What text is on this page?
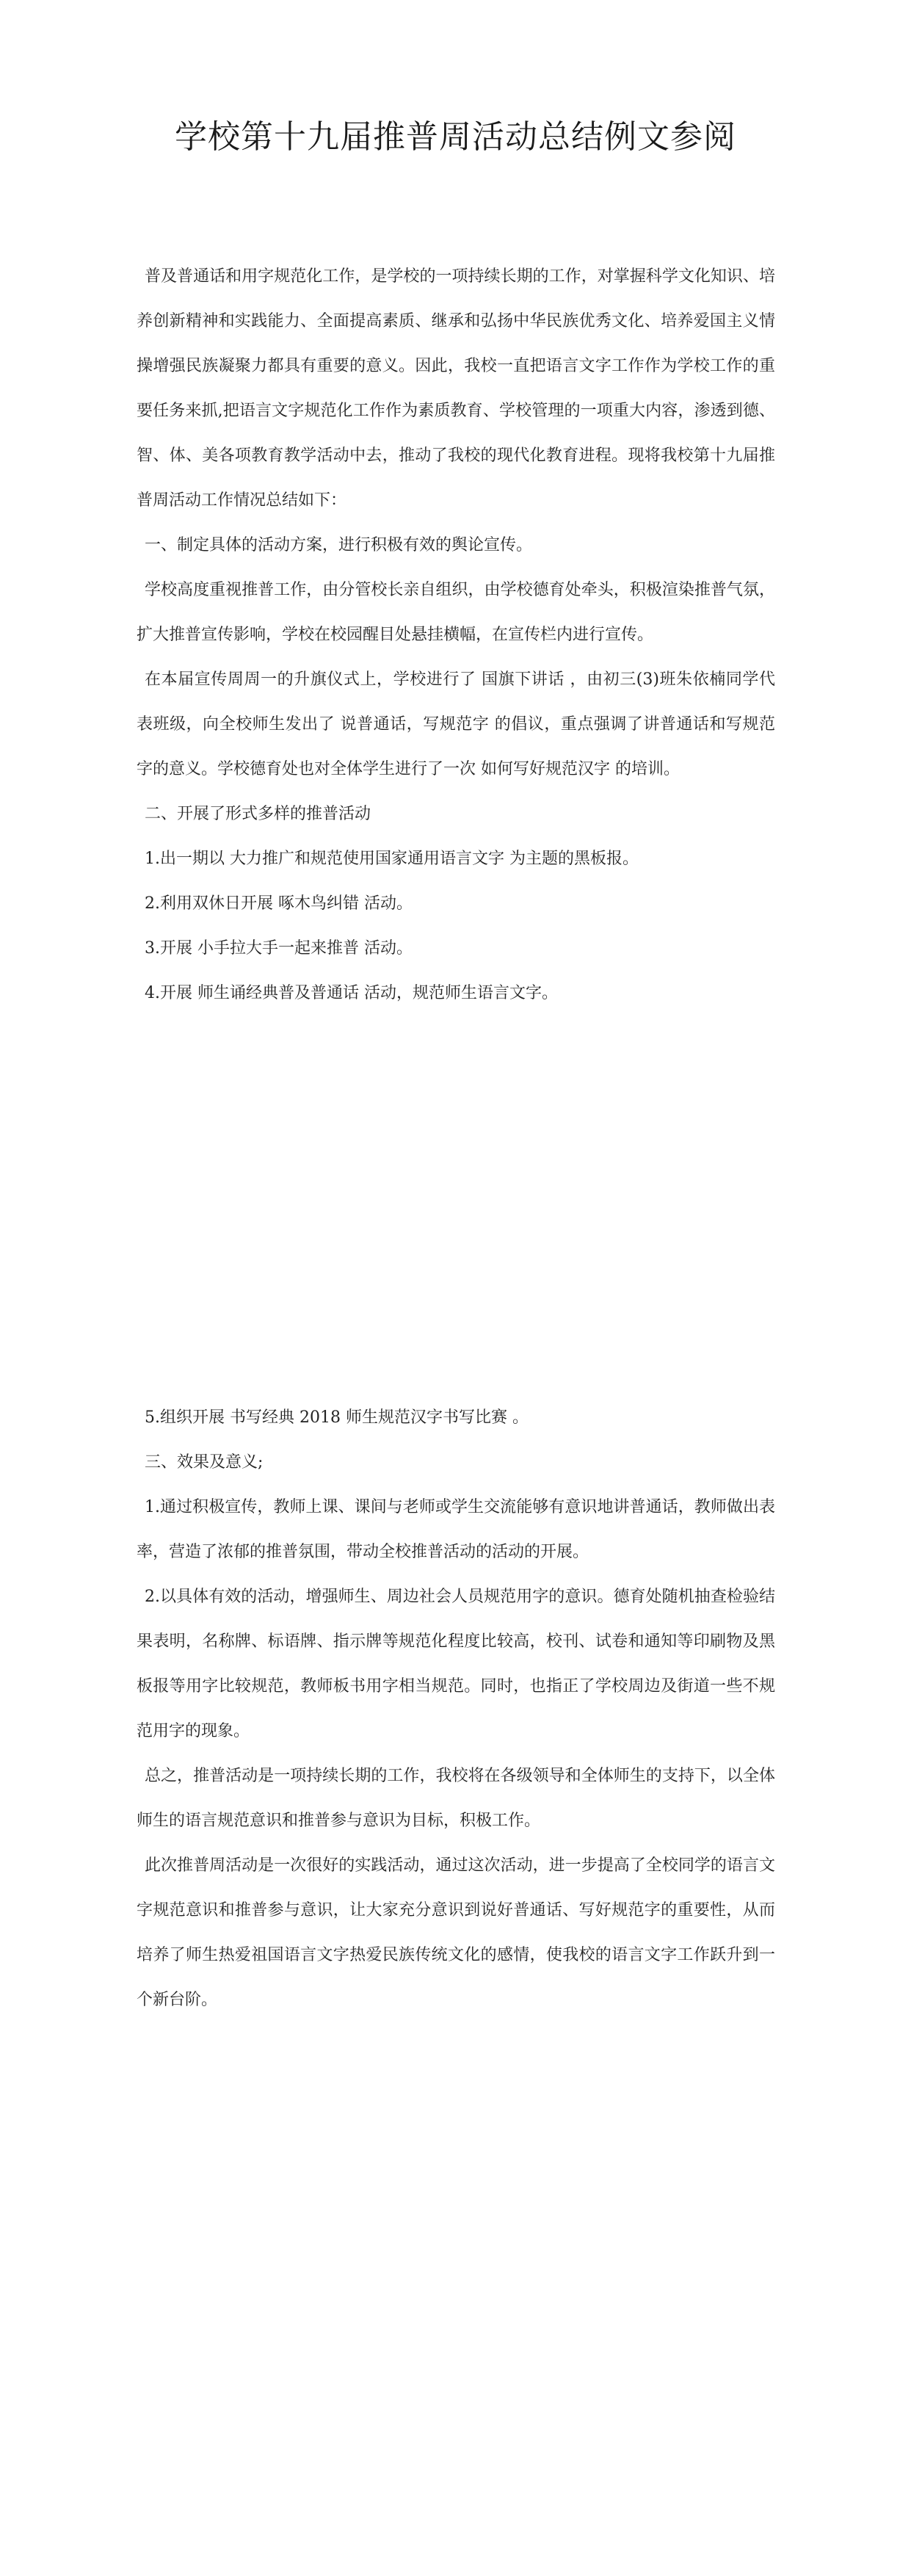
学校第十九届推普周活动总结例文参阅

普及普通话和用字规范化工作，是学校的一项持续长期的工作，对掌握科学文化知识、培养创新精神和实践能力、全面提高素质、继承和弘扬中华民族优秀文化、培养爱国主义情操增强民族凝聚力都具有重要的意义。因此，我校一直把语言文字工作作为学校工作的重要任务来抓,把语言文字规范化工作作为素质教育、学校管理的一项重大内容，渗透到德、智、体、美各项教育教学活动中去，推动了我校的现代化教育进程。现将我校第十九届推普周活动工作情况总结如下：

一、制定具体的活动方案，进行积极有效的舆论宣传。

学校高度重视推普工作，由分管校长亲自组织，由学校德育处牵头，积极渲染推普气氛，扩大推普宣传影响，学校在校园醒目处悬挂横幅，在宣传栏内进行宣传。

在本届宣传周周一的升旗仪式上，学校进行了 国旗下讲话 ，由初三(3)班朱依楠同学代表班级，向全校师生发出了 说普通话，写规范字 的倡议，重点强调了讲普通话和写规范字的意义。学校德育处也对全体学生进行了一次 如何写好规范汉字 的培训。

二、开展了形式多样的推普活动

1.出一期以 大力推广和规范使用国家通用语言文字 为主题的黑板报。

2.利用双休日开展 啄木鸟纠错 活动。

3.开展 小手拉大手一起来推普 活动。

4.开展 师生诵经典普及普通话 活动，规范师生语言文字。

5.组织开展 书写经典 2018 师生规范汉字书写比赛 。

三、效果及意义;

1.通过积极宣传，教师上课、课间与老师或学生交流能够有意识地讲普通话，教师做出表率，营造了浓郁的推普氛围，带动全校推普活动的活动的开展。

2.以具体有效的活动，增强师生、周边社会人员规范用字的意识。德育处随机抽查检验结果表明，名称牌、标语牌、指示牌等规范化程度比较高，校刊、试卷和通知等印刷物及黑板报等用字比较规范，教师板书用字相当规范。同时，也指正了学校周边及街道一些不规范用字的现象。

总之，推普活动是一项持续长期的工作，我校将在各级领导和全体师生的支持下，以全体师生的语言规范意识和推普参与意识为目标，积极工作。

此次推普周活动是一次很好的实践活动，通过这次活动，进一步提高了全校同学的语言文字规范意识和推普参与意识，让大家充分意识到说好普通话、写好规范字的重要性，从而培养了师生热爱祖国语言文字热爱民族传统文化的感情，使我校的语言文字工作跃升到一个新台阶。
